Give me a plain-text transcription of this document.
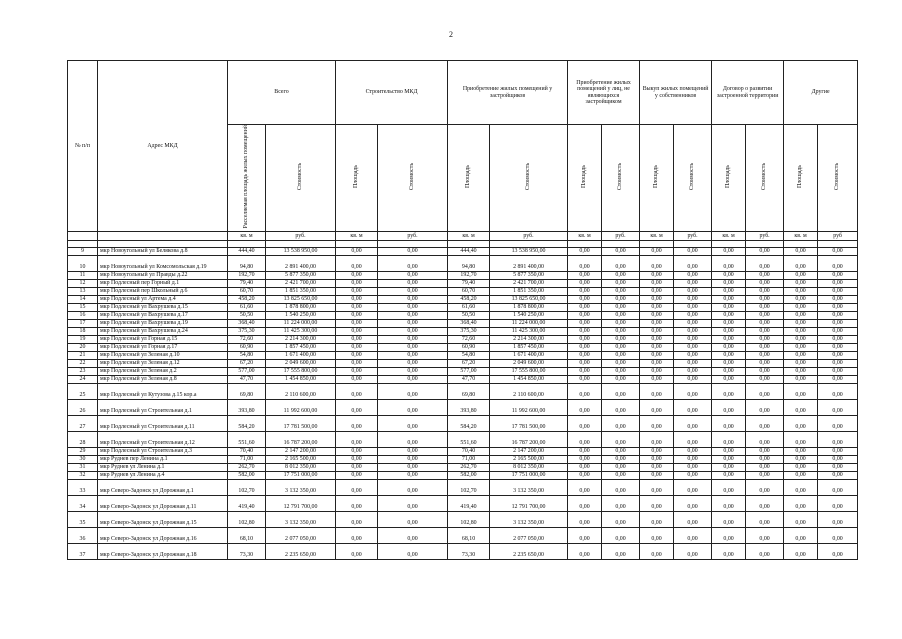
2
№ п/п	Адрес МКД	Всего		Строительство МКД		Приобретение жилых помещений у застройщиков		Приобретение жилых помещений у лиц, не являющихся застройщиком		Выкуп жилых помещений у собственников		Договор о развитии застроенной территории		Другие	
		Расселяемая площадь жилых помещений	Стоимость	Площадь	Стоимость	Площадь	Стоимость	Площадь	Стоимость	Площадь	Стоимость	Площадь	Стоимость	Площадь	Стоимость
		кв. м	руб.	кв. м	руб.	кв. м	руб.	кв. м	руб.	кв. м	руб.	кв. м	руб.	кв. м	руб

9	мкр Новоугольный ул Белякова д.8	444,40	13 538 950,00	0,00	0,00	444,40	13 538 950,00	0,00	0,00	0,00	0,00	0,00	0,00	0,00	0,00
10	мкр Новоугольный ул Комсомольская д.19	94,80	2 891 400,00	0,00	0,00	94,80	2 891 400,00	0,00	0,00	0,00	0,00	0,00	0,00	0,00	0,00
11	мкр Новоугольный ул Правды д.22	192,70	5 877 350,00	0,00	0,00	192,70	5 877 350,00	0,00	0,00	0,00	0,00	0,00	0,00	0,00	0,00
12	мкр Подлесный пер Горный д.1	79,40	2 421 700,00	0,00	0,00	79,40	2 421 700,00	0,00	0,00	0,00	0,00	0,00	0,00	0,00	0,00
13	мкр Подлесный пер Школьный д.6	60,70	1 851 350,00	0,00	0,00	60,70	1 851 350,00	0,00	0,00	0,00	0,00	0,00	0,00	0,00	0,00
14	мкр Подлесный ул Артема д.4	458,20	13 825 650,00	0,00	0,00	458,20	13 825 650,00	0,00	0,00	0,00	0,00	0,00	0,00	0,00	0,00
15	мкр Подлесный ул Вахрушева д.15	61,60	1 878 800,00	0,00	0,00	61,60	1 878 800,00	0,00	0,00	0,00	0,00	0,00	0,00	0,00	0,00
16	мкр Подлесный ул Вахрушева д.17	50,50	1 540 250,00	0,00	0,00	50,50	1 540 250,00	0,00	0,00	0,00	0,00	0,00	0,00	0,00	0,00
17	мкр Подлесный ул Вахрушева д.19	368,40	11 224 000,00	0,00	0,00	368,40	11 224 000,00	0,00	0,00	0,00	0,00	0,00	0,00	0,00	0,00
18	мкр Подлесный ул Вахрушева д.24	375,30	11 425 300,00	0,00	0,00	375,30	11 425 300,00	0,00	0,00	0,00	0,00	0,00	0,00	0,00	0,00
19	мкр Подлесный ул Горная д.15	72,60	2 214 300,00	0,00	0,00	72,60	2 214 300,00	0,00	0,00	0,00	0,00	0,00	0,00	0,00	0,00
20	мкр Подлесный ул Горная д.17	60,90	1 857 450,00	0,00	0,00	60,90	1 857 450,00	0,00	0,00	0,00	0,00	0,00	0,00	0,00	0,00
21	мкр Подлесный ул Зеленая д.10	54,80	1 671 400,00	0,00	0,00	54,80	1 671 400,00	0,00	0,00	0,00	0,00	0,00	0,00	0,00	0,00
22	мкр Подлесный ул Зеленая д.12	67,20	2 049 600,00	0,00	0,00	67,20	2 049 600,00	0,00	0,00	0,00	0,00	0,00	0,00	0,00	0,00
23	мкр Подлесный ул Зеленая д.2	577,00	17 555 800,00	0,00	0,00	577,00	17 555 800,00	0,00	0,00	0,00	0,00	0,00	0,00	0,00	0,00
24	мкр Подлесный ул Зеленая д.8	47,70	1 454 850,00	0,00	0,00	47,70	1 454 850,00	0,00	0,00	0,00	0,00	0,00	0,00	0,00	0,00
25	мкр Подлесный ул Кутузова д.15 кор.а	69,80	2 110 600,00	0,00	0,00	69,80	2 110 600,00	0,00	0,00	0,00	0,00	0,00	0,00	0,00	0,00
26	мкр Подлесный ул Строительная д.1	393,80	11 992 600,00	0,00	0,00	393,80	11 992 600,00	0,00	0,00	0,00	0,00	0,00	0,00	0,00	0,00
27	мкр Подлесный ул Строительная д.11	584,20	17 781 500,00	0,00	0,00	584,20	17 781 500,00	0,00	0,00	0,00	0,00	0,00	0,00	0,00	0,00
28	мкр Подлесный ул Строительная д.12	551,60	16 787 200,00	0,00	0,00	551,60	16 787 200,00	0,00	0,00	0,00	0,00	0,00	0,00	0,00	0,00
29	мкр Подлесный ул Строительная д.3	70,40	2 147 200,00	0,00	0,00	70,40	2 147 200,00	0,00	0,00	0,00	0,00	0,00	0,00	0,00	0,00
30	мкр Руднев пер Ленина д.1	71,00	2 165 500,00	0,00	0,00	71,00	2 165 500,00	0,00	0,00	0,00	0,00	0,00	0,00	0,00	0,00
31	мкр Руднев ул Ленина д.1	262,70	8 012 350,00	0,00	0,00	262,70	8 012 350,00	0,00	0,00	0,00	0,00	0,00	0,00	0,00	0,00
32	мкр Руднев ул Ленина д.4	582,00	17 751 000,00	0,00	0,00	582,00	17 751 000,00	0,00	0,00	0,00	0,00	0,00	0,00	0,00	0,00
33	мкр Северо-Задонск ул Дорожная д.1	102,70	3 132 350,00	0,00	0,00	102,70	3 132 350,00	0,00	0,00	0,00	0,00	0,00	0,00	0,00	0,00
34	мкр Северо-Задонск ул Дорожная д.11	419,40	12 791 700,00	0,00	0,00	419,40	12 791 700,00	0,00	0,00	0,00	0,00	0,00	0,00	0,00	0,00
35	мкр Северо-Задонск ул Дорожная д.15	102,80	3 132 350,00	0,00	0,00	102,80	3 132 350,00	0,00	0,00	0,00	0,00	0,00	0,00	0,00	0,00
36	мкр Северо-Задонск ул Дорожная д.16	68,10	2 077 050,00	0,00	0,00	68,10	2 077 050,00	0,00	0,00	0,00	0,00	0,00	0,00	0,00	0,00
37	мкр Северо-Задонск ул Дорожная д.18	73,30	2 235 650,00	0,00	0,00	73,30	2 235 650,00	0,00	0,00	0,00	0,00	0,00	0,00	0,00	0,00
